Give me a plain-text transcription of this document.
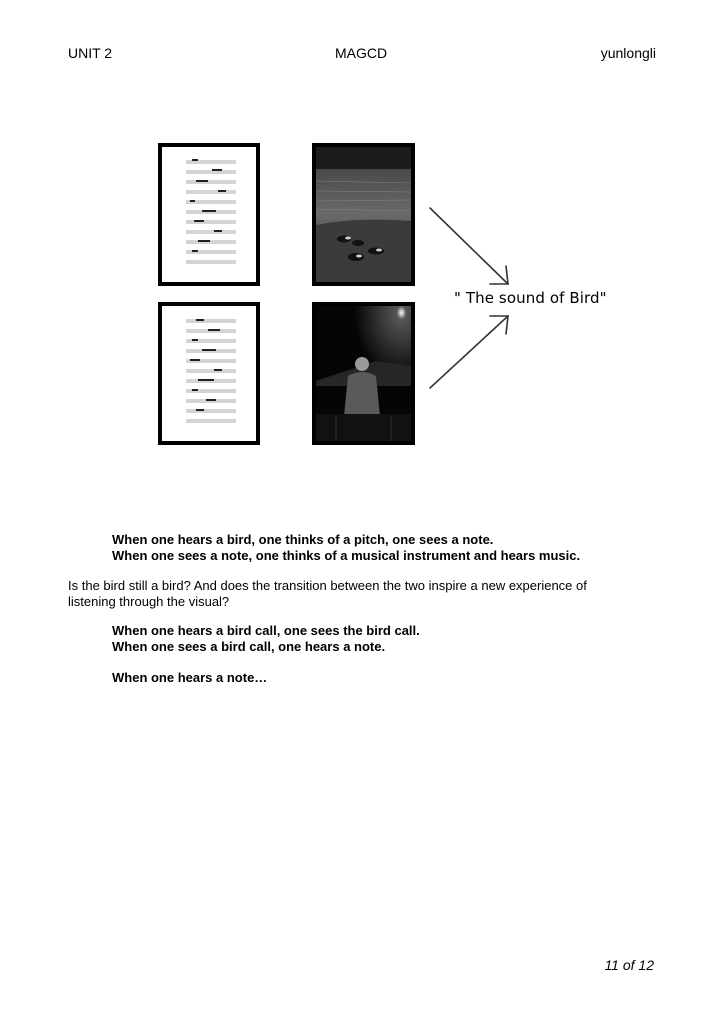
UNIT 2	MAGCD	yunlongli
" The sound of Bird"
When one hears a bird, one thinks of a pitch, one sees a note.
When one sees a note, one thinks of a musical instrument and hears music.
Is the bird still a bird? And does the transition between the two inspire a new experience of listening through the visual?
When one hears a bird call, one sees the bird call.
When one sees a bird call, one hears a note.
When one hears a note…
11 of 12
